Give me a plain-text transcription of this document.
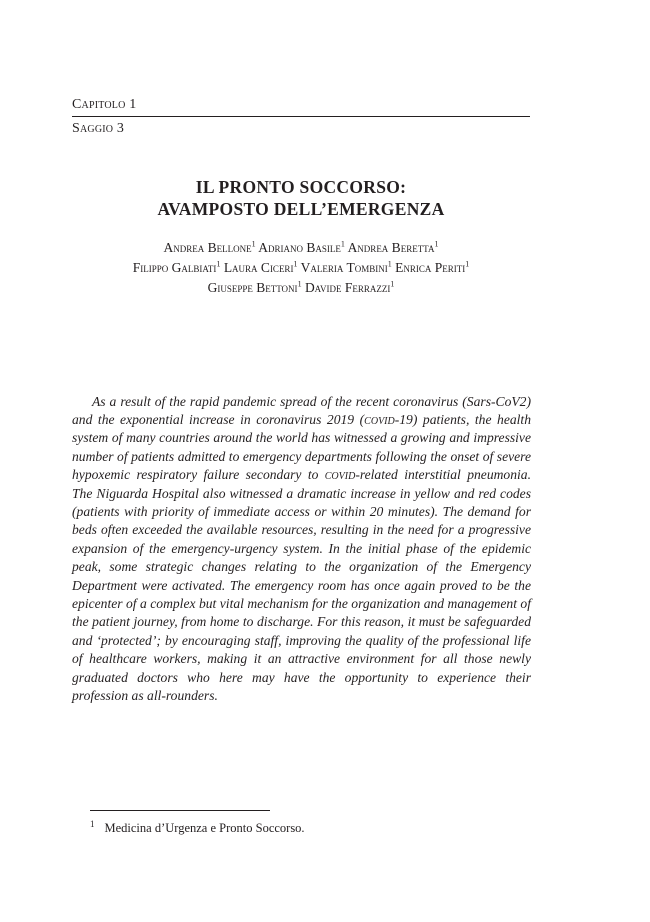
Capitolo 1
Saggio 3
IL PRONTO SOCCORSO:
AVAMPOSTO DELL’EMERGENZA
Andrea Bellone$^1$ Adriano Basile$^1$ Andrea Beretta$^1$
Filippo Galbiati$^1$ Laura Ciceri$^1$ Valeria Tombini$^1$ Enrica Periti$^1$
Giuseppe Bettoni$^1$ Davide Ferrazzi$^1$

As a result of the rapid pandemic spread of the recent coronavirus (Sars-CoV2) and the exponential increase in coronavirus 2019 (covid-19) patients, the health system of many countries around the world has witnessed a growing and impressive number of patients admitted to emergency departments following the onset of severe hypoxemic respiratory failure secondary to covid-related interstitial pneumonia. The Niguarda Hospital also witnessed a dramatic increase in yellow and red codes (patients with priority of immediate access or within 20 minutes). The demand for beds often exceeded the available resources, resulting in the need for a progressive expansion of the emergency-urgency system. In the initial phase of the epidemic peak, some strategic changes relating to the organization of the Emergency Department were activated. The emergency room has once again proved to be the epicenter of a complex but vital mechanism for the organization and management of the patient journey, from home to discharge. For this reason, it must be safeguarded and ‘protected’; by encouraging staff, improving the quality of the professional life of healthcare workers, making it an attractive environment for all those newly graduated doctors who here may have the opportunity to experience their profession as all-rounders.

$^1$ Medicina d’Urgenza e Pronto Soccorso.
